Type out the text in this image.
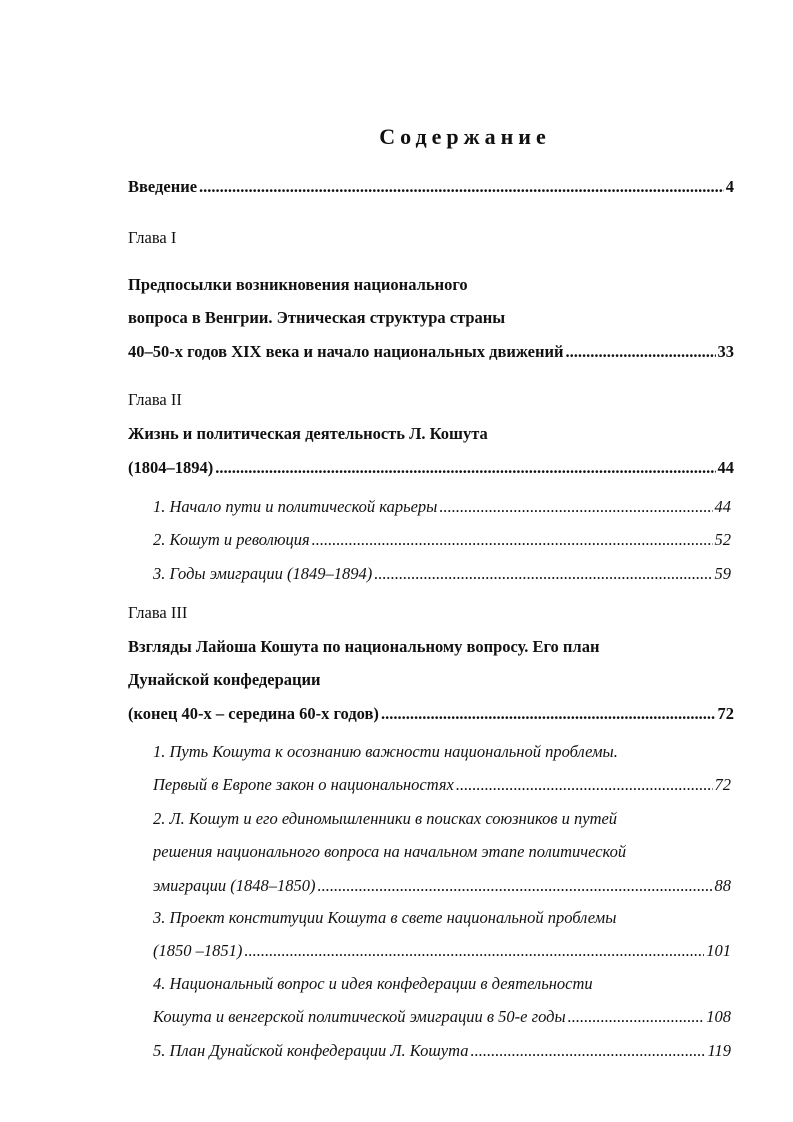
Содержание
Введение .....	4
Глава I
Предпосылки возникновения национального
вопроса в Венгрии. Этническая структура страны
40–50-х годов XIX века и начало национальных движений .....	33
Глава II
Жизнь и политическая деятельность Л. Кошута
(1804–1894) .....	44
1. Начало пути и политической карьеры .....	44
2. Кошут и революция .....	52
3. Годы эмиграции (1849–1894) .....	59
Глава III
Взгляды Лайоша Кошута по национальному вопросу. Его план
Дунайской конфедерации
(конец 40-х – середина 60-х годов) .....	72
1. Путь Кошута к осознанию важности национальной проблемы.
Первый в Европе закон о национальностях .....	72
2. Л. Кошут и его единомышленники в поисках союзников и путей
решения национального вопроса на начальном этапе политической
эмиграции (1848–1850) .....	88
3. Проект конституции Кошута в свете национальной проблемы
(1850 –1851) .....	101
4. Национальный вопрос и идея конфедерации в деятельности
Кошута и венгерской политической эмиграции в 50-е годы .....	108
5. План Дунайской конфедерации Л. Кошута .....	119
